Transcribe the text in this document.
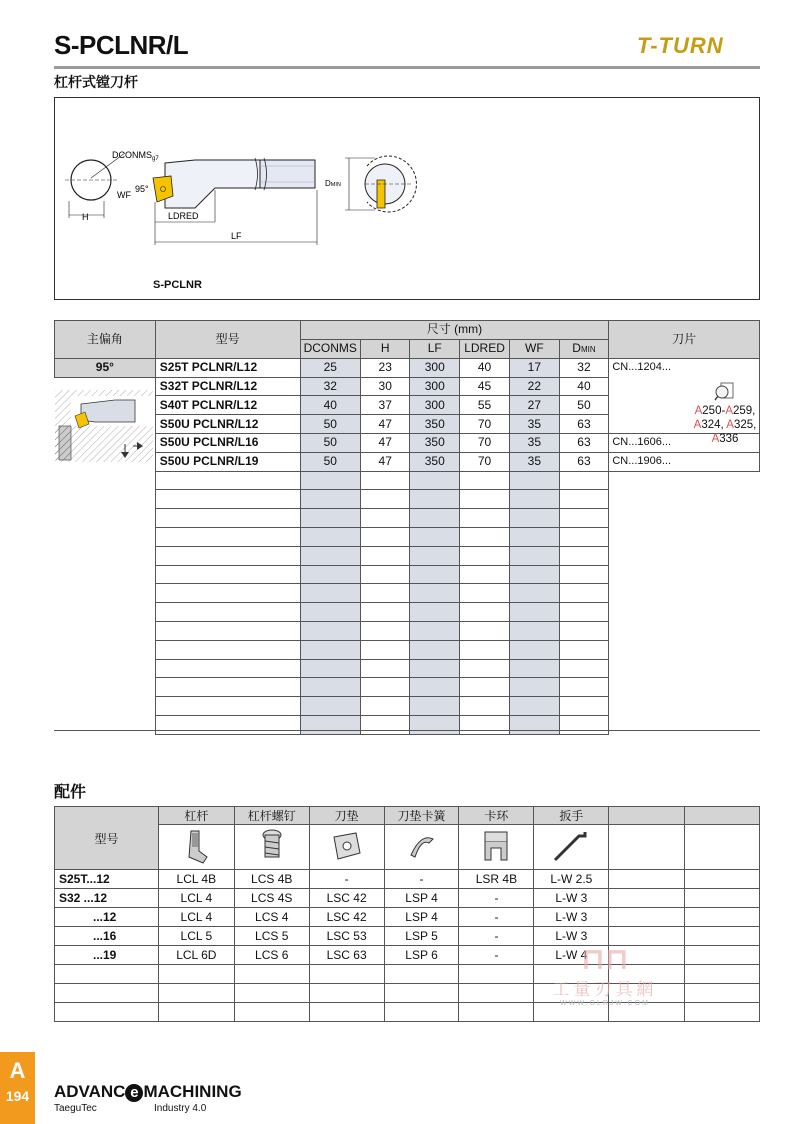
S-PCLNR/L	T-TURN
杠杆式镗刀杆
H
$DCONMS_{g7}$
95°
WF
LDRED
LF
DMIN
S-PCLNR
主偏角	型号	尺寸 (mm)						刀片
		DCONMS	H	LF	LDRED	WF	DMIN	
95°	S25T PCLNR/L12	25	23	300	40	17	32	CN...1204...
	S32T PCLNR/L12	32	30	300	45	22	40	
	S40T PCLNR/L12	40	37	300	55	27	50	
	S50U PCLNR/L12	50	47	350	70	35	63	
	S50U PCLNR/L16	50	47	350	70	35	63	CN...1606...
	S50U PCLNR/L19	50	47	350	70	35	63	CN...1906...

A250-A259,
A324, A325,
A336
配件
型号	杠杆	杠杆螺钉	刀垫	刀垫卡簧	卡环	扳手		

S25T...12	LCL 4B	LCS 4B	-	-	LSR 4B	L-W 2.5		
S32 ...12	LCL 4	LCS 4S	LSC 42	LSP 4	-	L-W 3		
...12	LCL 4	LCS 4	LSC 42	LSP 4	-	L-W 3		
...16	LCL 5	LCS 5	LSC 53	LSP 5	-	L-W 3		
...19	LCL 6D	LCS 6	LSC 63	LSP 6	-	L-W 4		

⊓⊓
工量刃具網
WWW.GLRJW.COM
A
194	ADVANC e MACHINING
TaeguTec	Industry 4.0
